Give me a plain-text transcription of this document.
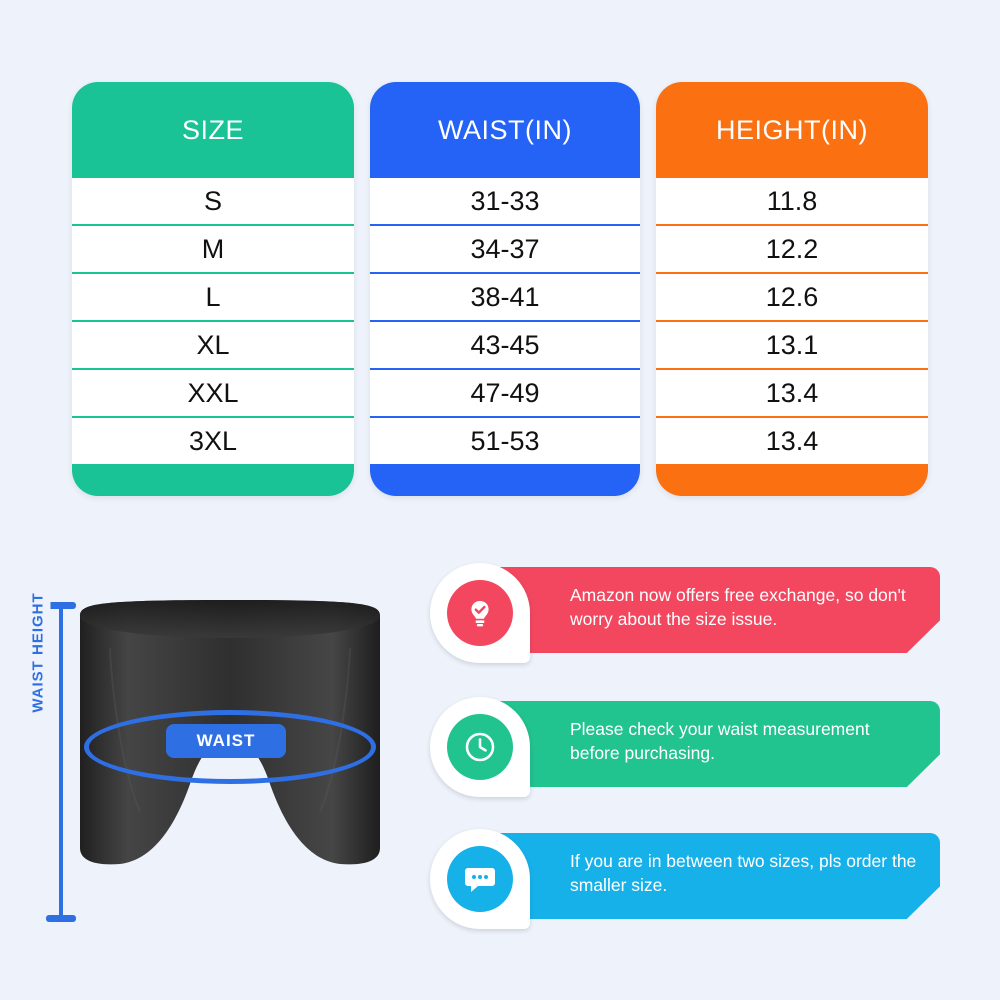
SIZE
S
M
L
XL
XXL
3XL
WAIST(IN)
31-33
34-37
38-41
43-45
47-49
51-53
HEIGHT(IN)
11.8
12.2
12.6
13.1
13.4
13.4
WAIST HEIGHT
WAIST
Amazon now offers free exchange, so don't worry about the size issue.
Please check your waist measurement before purchasing.
If you are in between two sizes, pls order the smaller size.
